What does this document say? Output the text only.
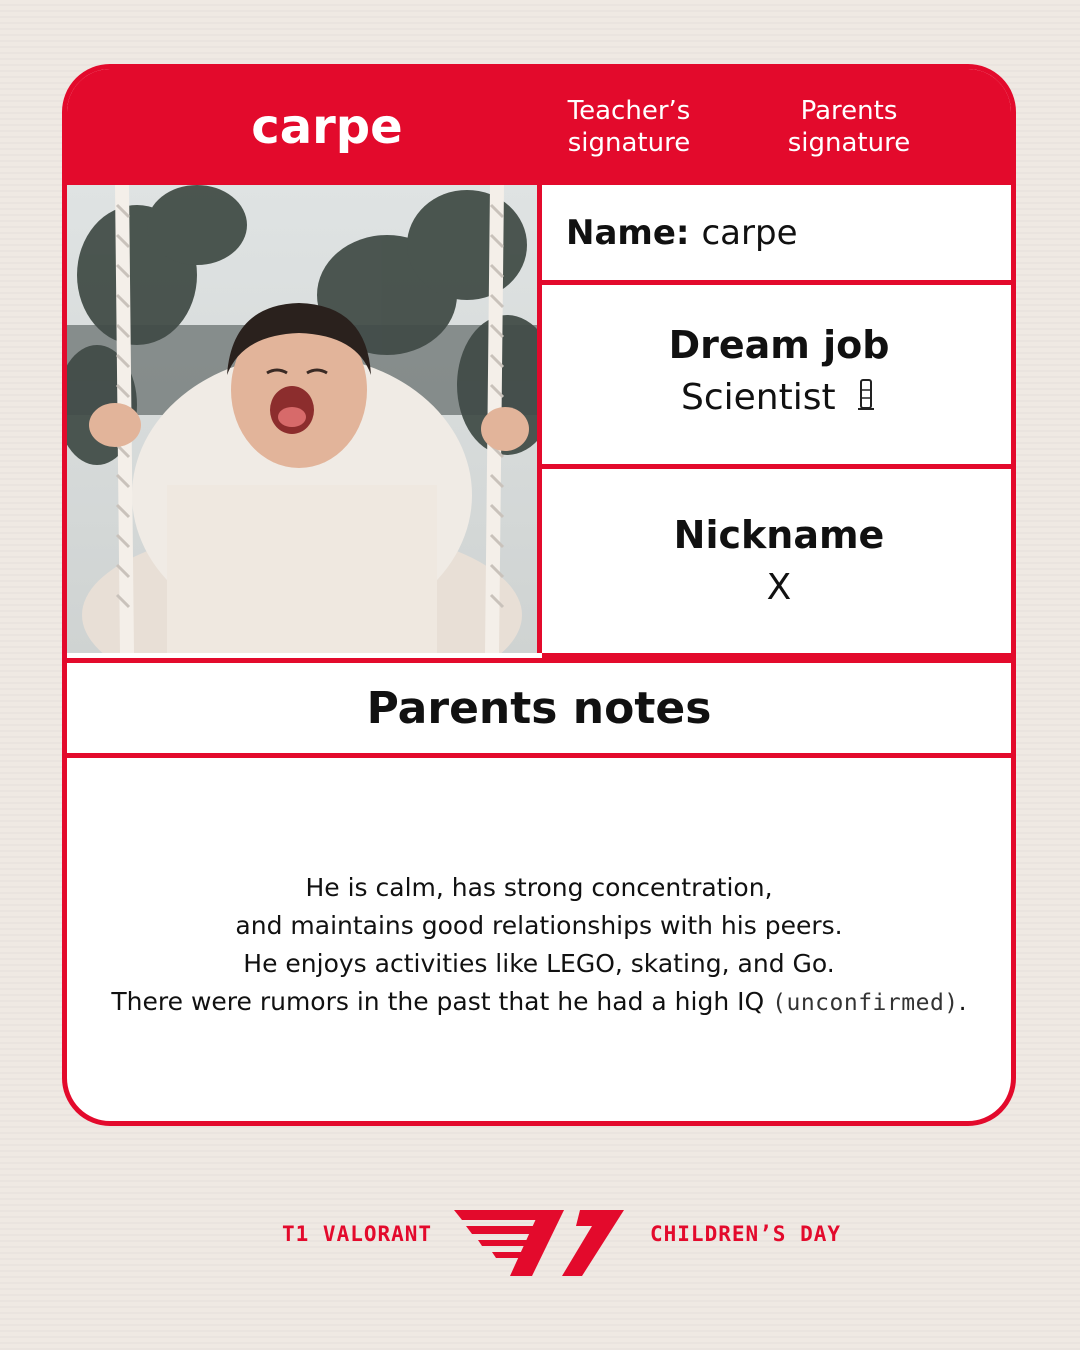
carpe	Teacher’s
signature
Parents
signature
Name: carpe
Dream job
Scientist
Nickname
X
Parents notes
He is calm, has strong concentration,
and maintains good relationships with his peers.
He enjoys activities like LEGO, skating, and Go.
There were rumors in the past that he had a high IQ (unconfirmed).
T1 VALORANT	CHILDREN’S DAY
